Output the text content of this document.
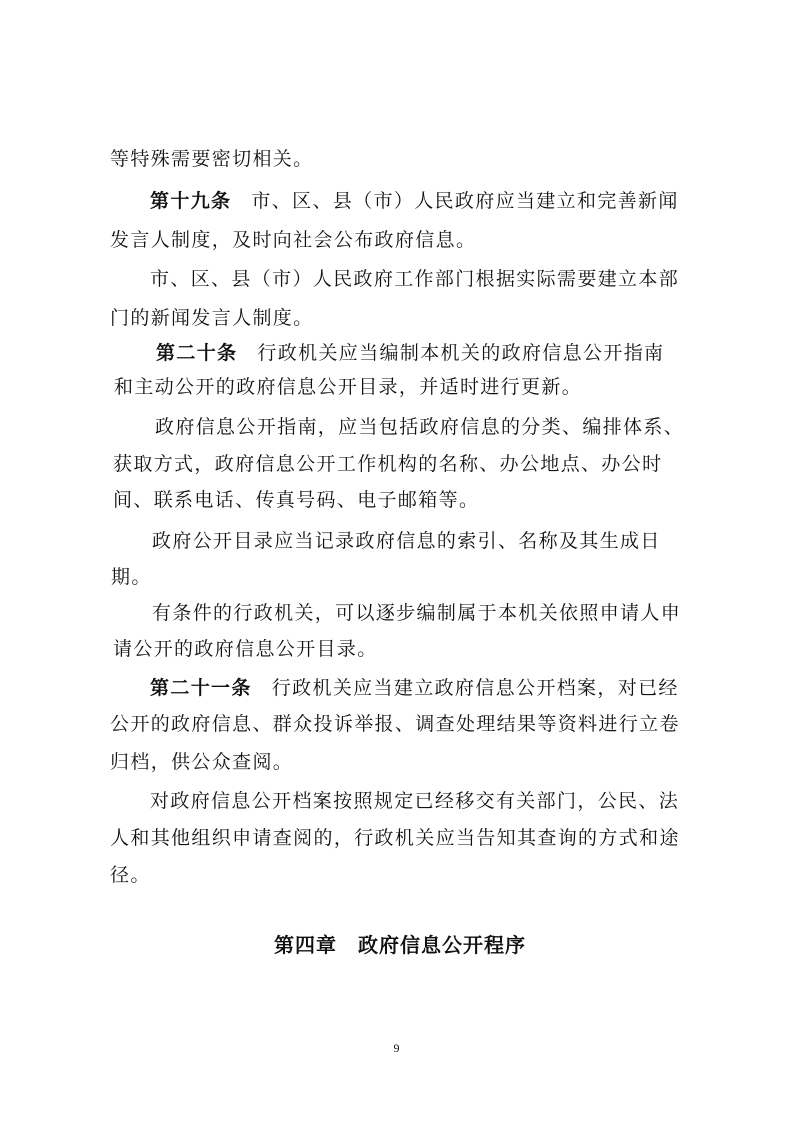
等特殊需要密切相关。
第十九条 市、区、县（市）人民政府应当建立和完善新闻
发言人制度，及时向社会公布政府信息。
市、区、县（市）人民政府工作部门根据实际需要建立本部
门的新闻发言人制度。
第二十条 行政机关应当编制本机关的政府信息公开指南
和主动公开的政府信息公开目录，并适时进行更新。
政府信息公开指南，应当包括政府信息的分类、编排体系、
获取方式，政府信息公开工作机构的名称、办公地点、办公时
间、联系电话、传真号码、电子邮箱等。
政府公开目录应当记录政府信息的索引、名称及其生成日
期。
有条件的行政机关，可以逐步编制属于本机关依照申请人申
请公开的政府信息公开目录。
第二十一条 行政机关应当建立政府信息公开档案，对已经
公开的政府信息、群众投诉举报、调查处理结果等资料进行立卷
归档，供公众查阅。
对政府信息公开档案按照规定已经移交有关部门，公民、法
人和其他组织申请查阅的，行政机关应当告知其查询的方式和途
径。
第四章　政府信息公开程序
9
